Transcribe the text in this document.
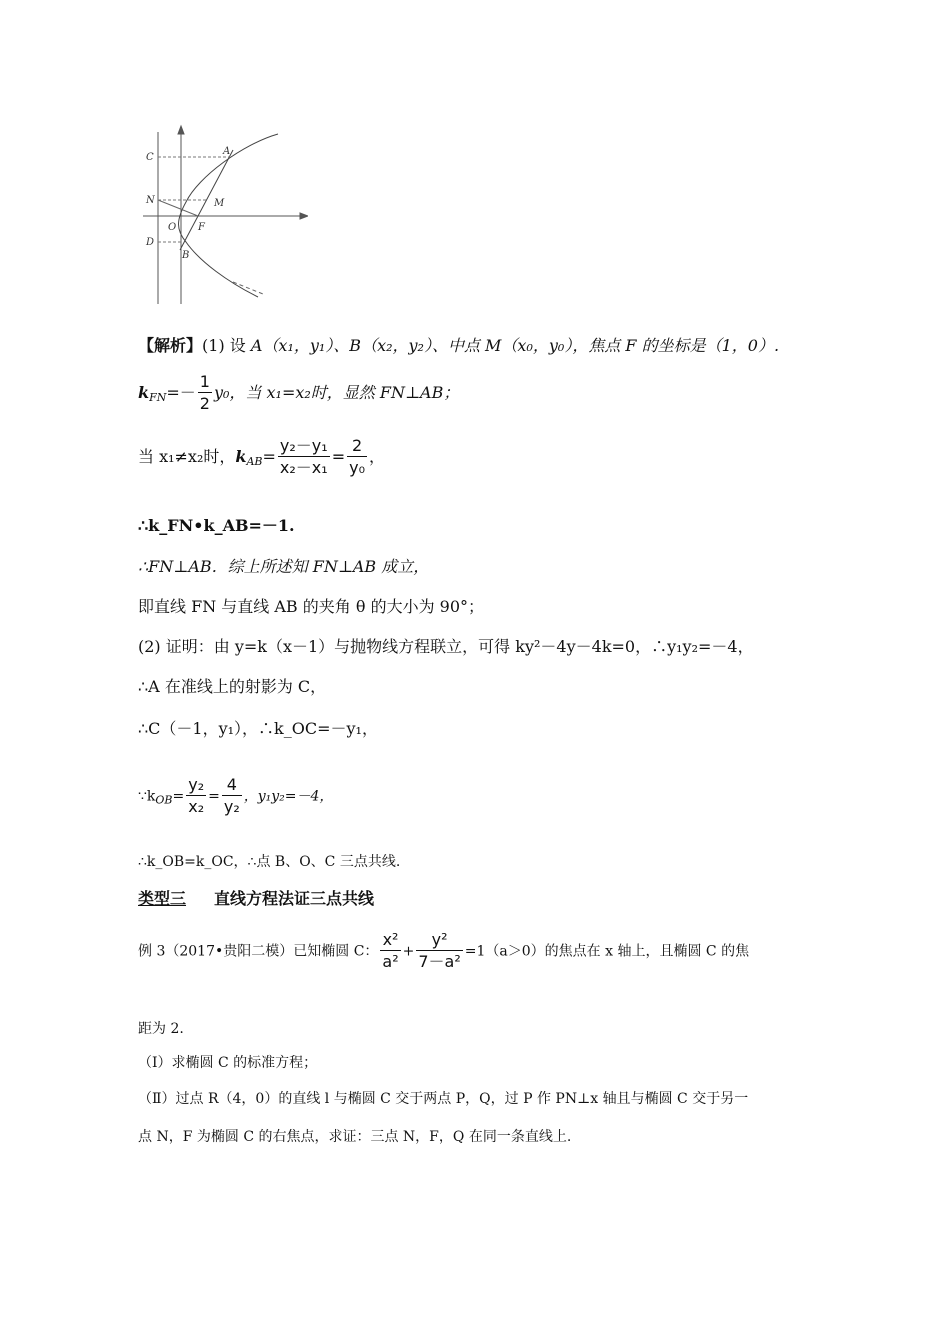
C
N
D
O
A
M
F
B
【解析】(1) 设 A（x₁，y₁）、B（x₂，y₂）、中点 M（x₀，y₀），焦点 F 的坐标是（1，0）.
$k_{FN}=- \frac{1}{2} y_0$，当 x₁=x₂时，显然 FN⊥AB；
当 x₁≠x₂时，$k_{AB}= \frac{\text{y₂－y₁}}{\text{x₂－x₁}} = \frac{2}{\text{y₀}}$ ，
∴k_FN•k_AB=－1.
∴FN⊥AB．综上所述知 FN⊥AB 成立，
即直线 FN 与直线 AB 的夹角 θ 的大小为 90°；
(2) 证明：由 y=k（x－1）与抛物线方程联立，可得 ky²－4y－4k=0，∴y₁y₂=－4，
∴A 在准线上的射影为 C，
∴C（－1，y₁），∴k_OC=－y₁，
$\because k_{OB}= \frac{\text{y₂}}{\text{x₂}} = \frac{4}{\text{y₂}}$ ，y₁y₂=－4，
∴k_OB=k_OC，∴点 B、O、C 三点共线.
类型三 直线方程法证三点共线
例 3（2017•贵阳二模）已知椭圆 C： $\frac{\text{x²}}{\text{a²}} + \frac{\text{y²}}{\text{7－a²}} =1(a>0)$的焦点在 x 轴上，且椭圆 C 的焦
距为 2.
（Ⅰ）求椭圆 C 的标准方程；
（Ⅱ）过点 R（4，0）的直线 l 与椭圆 C 交于两点 P，Q，过 P 作 PN⊥x 轴且与椭圆 C 交于另一
点 N，F 为椭圆 C 的右焦点，求证：三点 N，F，Q 在同一条直线上.
